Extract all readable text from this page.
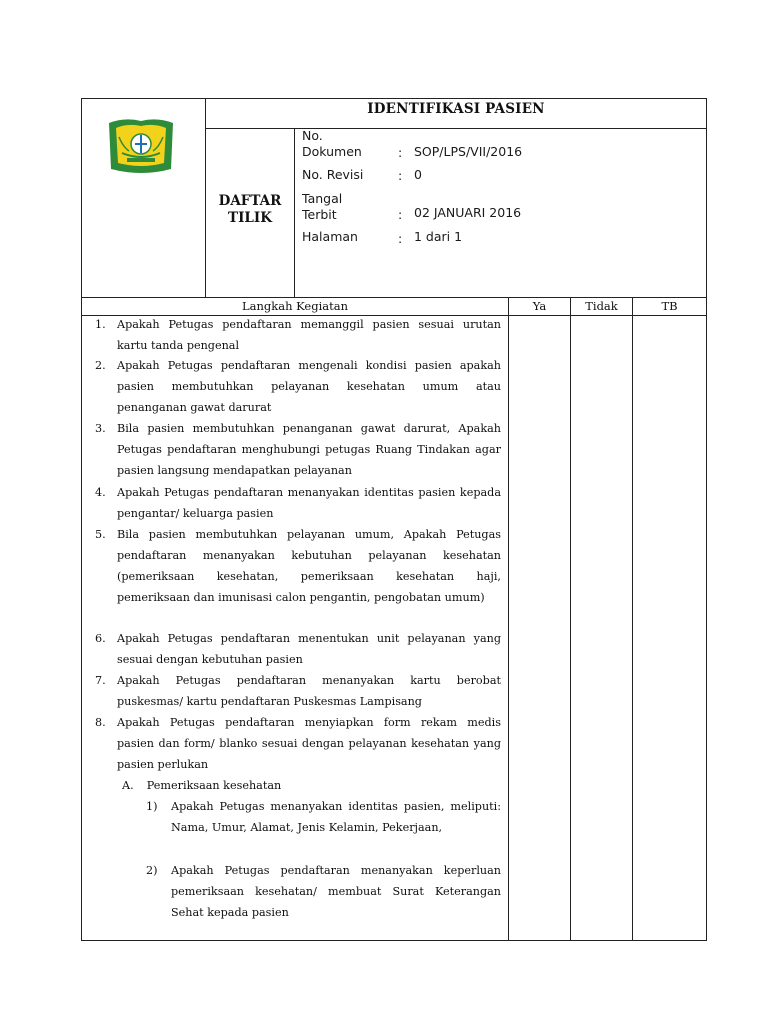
IDENTIFIKASI PASIEN
DAFTAR
TILIK
No.
Dokumen	: SOP/LPS/VII/2016
No. Revisi	: 0
Tangal
Terbit	: 02 JANUARI 2016
Halaman	: 1 dari 1
Langkah Kegiatan	Ya	Tidak	TB
1. Apakah Petugas pendaftaran memanggil pasien sesuai urutan kartu tanda pengenal
2. Apakah Petugas pendaftaran mengenali kondisi pasien apakah pasien membutuhkan pelayanan kesehatan umum atau penanganan gawat darurat
3. Bila pasien membutuhkan penanganan gawat darurat, Apakah Petugas pendaftaran menghubungi petugas Ruang Tindakan agar pasien langsung mendapatkan pelayanan
4. Apakah Petugas pendaftaran menanyakan identitas pasien kepada pengantar/ keluarga pasien
5. Bila pasien membutuhkan pelayanan umum, Apakah Petugas pendaftaran menanyakan kebutuhan pelayanan kesehatan (pemeriksaan kesehatan, pemeriksaan kesehatan haji, pemeriksaan dan imunisasi calon pengantin, pengobatan umum)
6. Apakah Petugas pendaftaran menentukan unit pelayanan yang sesuai dengan kebutuhan pasien
7. Apakah Petugas pendaftaran menanyakan kartu berobat puskesmas/ kartu pendaftaran Puskesmas Lampisang
8. Apakah Petugas pendaftaran menyiapkan form rekam medis pasien dan form/ blanko sesuai dengan pelayanan kesehatan yang pasien perlukan
A. Pemeriksaan kesehatan
1) Apakah Petugas menanyakan identitas pasien, meliputi: Nama, Umur, Alamat, Jenis Kelamin, Pekerjaan,
2) Apakah Petugas pendaftaran menanyakan keperluan pemeriksaan kesehatan/ membuat Surat Keterangan Sehat kepada pasien
